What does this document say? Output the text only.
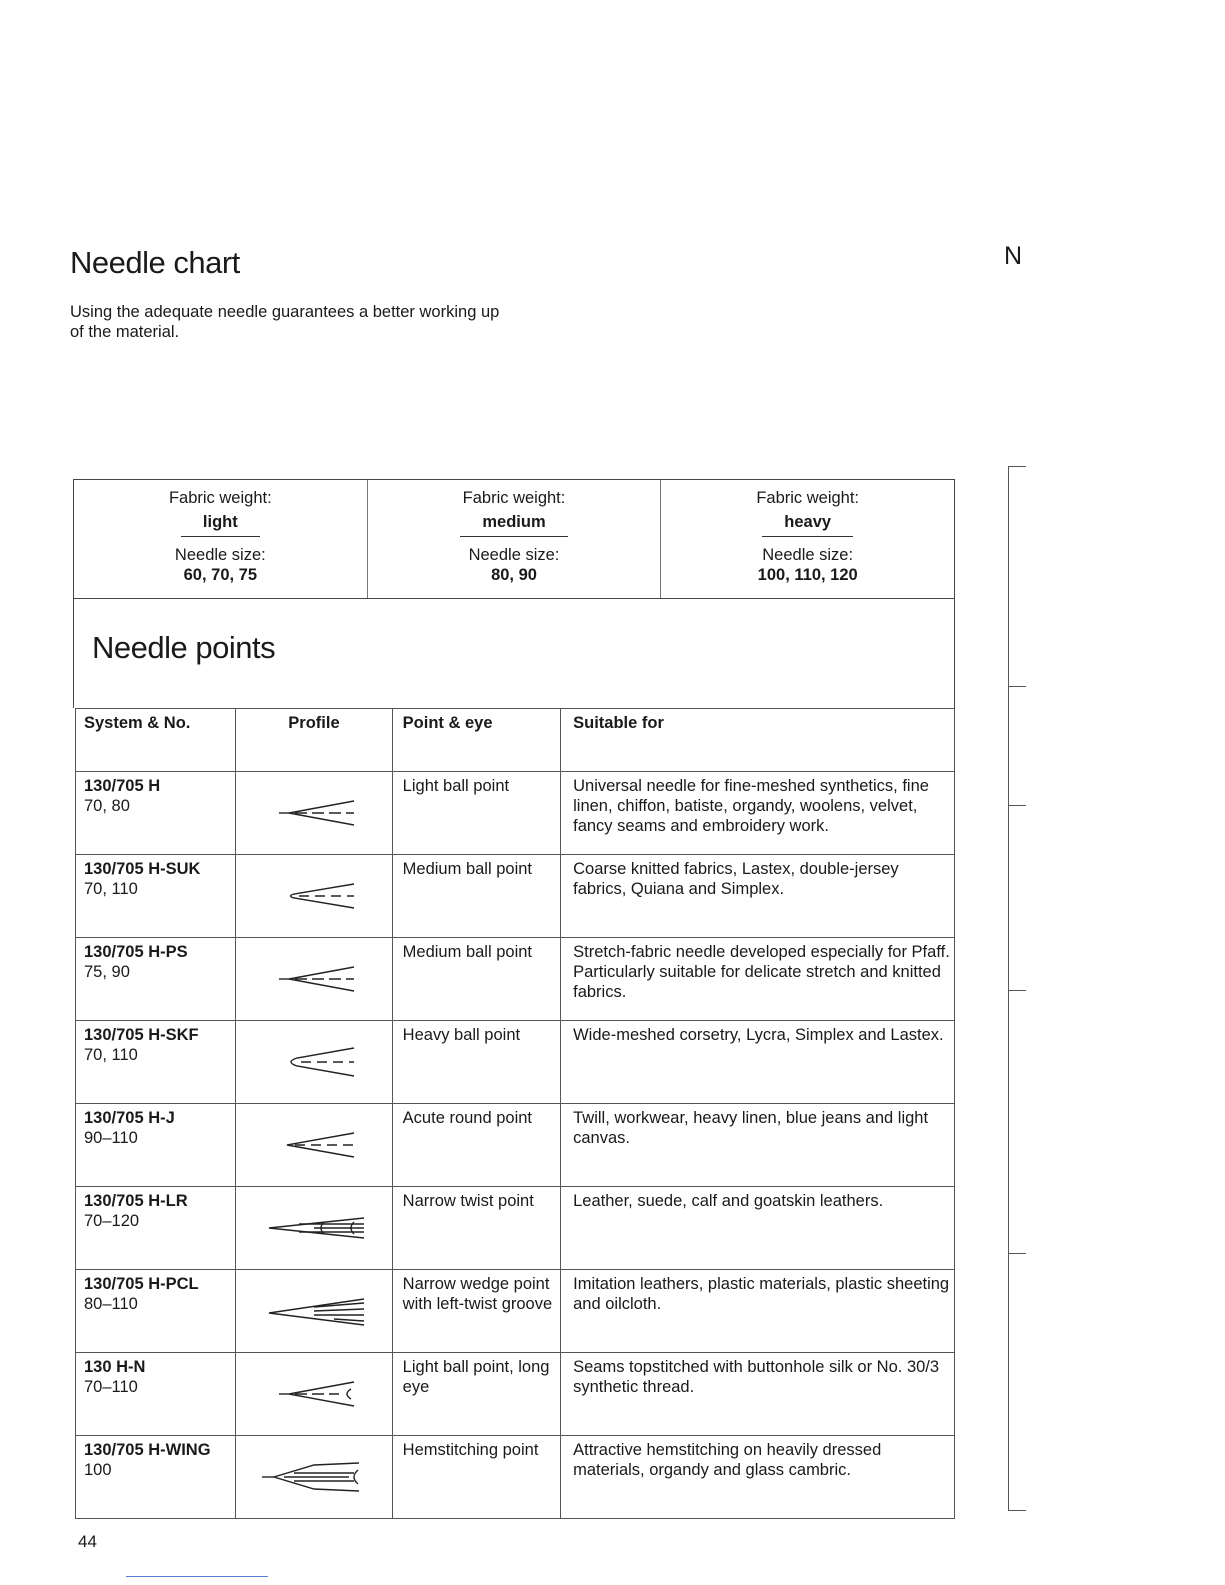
Needle chart
Using the adequate needle guarantees a better working up of the material.
N
Fabric weight:
light
Needle size:
60, 70, 75
Fabric weight:
medium
Needle size:
80, 90
Fabric weight:
heavy
Needle size:
100, 110, 120
Needle points
System & No.	Profile	Point & eye	Suitable for

130/705 H
70, 80		Light ball point	Universal needle for fine-meshed synthetics, fine linen, chiffon, batiste, organdy, woolens, velvet, fancy seams and embroidery work.

130/705 H-SUK
70, 110		Medium ball point	Coarse knitted fabrics, Lastex, double-jersey fabrics, Quiana and Simplex.

130/705 H-PS
75, 90		Medium ball point	Stretch-fabric needle developed especially for Pfaff. Particularly suitable for delicate stretch and knitted fabrics.

130/705 H-SKF
70, 110		Heavy ball point	Wide-meshed corsetry, Lycra, Simplex and Lastex.

130/705 H-J
90–110		Acute round point	Twill, workwear, heavy linen, blue jeans and light canvas.

130/705 H-LR
70–120		Narrow twist point	Leather, suede, calf and goatskin leathers.

130/705 H-PCL
80–110		Narrow wedge point with left-twist groove	Imitation leathers, plastic materials, plastic sheeting and oilcloth.

130 H-N
70–110		Light ball point, long eye	Seams topstitched with buttonhole silk or No. 30/3 synthetic thread.

130/705 H-WING
100		Hemstitching point	Attractive hemstitching on heavily dressed materials, organdy and glass cambric.
44
